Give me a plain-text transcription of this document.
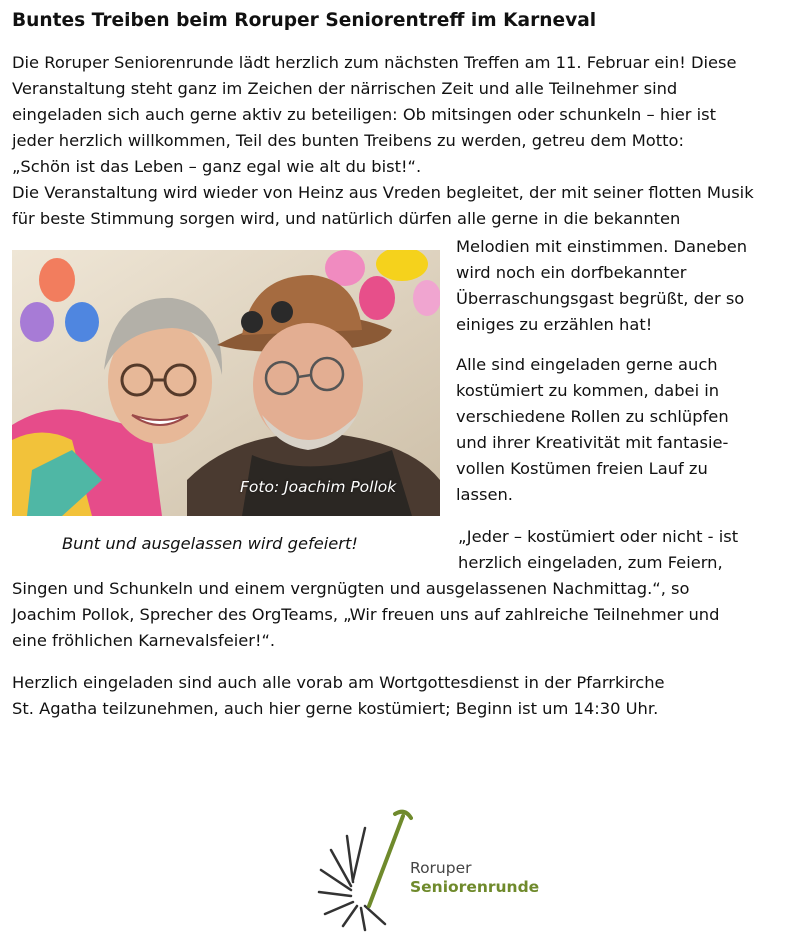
Buntes Treiben beim Roruper Seniorentreff im Karneval
Die Roruper Seniorenrunde lädt herzlich zum nächsten Treffen am 11. Februar ein! Diese
Veranstaltung steht ganz im Zeichen der närrischen Zeit und alle Teilnehmer sind
eingeladen sich auch gerne aktiv zu beteiligen: Ob mitsingen oder schunkeln – hier ist
jeder herzlich willkommen, Teil des bunten Treibens zu werden, getreu dem Motto:
„Schön ist das Leben – ganz egal wie alt du bist!“.
Die Veranstaltung wird wieder von Heinz aus Vreden begleitet, der mit seiner flotten Musik
für beste Stimmung sorgen wird, und natürlich dürfen alle gerne in die bekannten
Melodien mit einstimmen. Daneben
wird noch ein dorfbekannter
Überraschungsgast begrüßt, der so
einiges zu erzählen hat!
Alle sind eingeladen gerne auch
kostümiert zu kommen, dabei in
verschiedene Rollen zu schlüpfen
und ihrer Kreativität mit fantasie-
vollen Kostümen freien Lauf zu
lassen.
„Jeder – kostümiert oder nicht - ist
herzlich eingeladen, zum Feiern,
Singen und Schunkeln und einem vergnügten und ausgelassenen Nachmittag.“, so
Joachim Pollok, Sprecher des OrgTeams, „Wir freuen uns auf zahlreiche Teilnehmer und
eine fröhlichen Karnevalsfeier!“.
Herzlich eingeladen sind auch alle vorab am Wortgottesdienst in der Pfarrkirche
St. Agatha teilzunehmen, auch hier gerne kostümiert; Beginn ist um 14:30 Uhr.
Foto: Joachim Pollok
Bunt und ausgelassen wird gefeiert!
Roruper
Seniorenrunde
